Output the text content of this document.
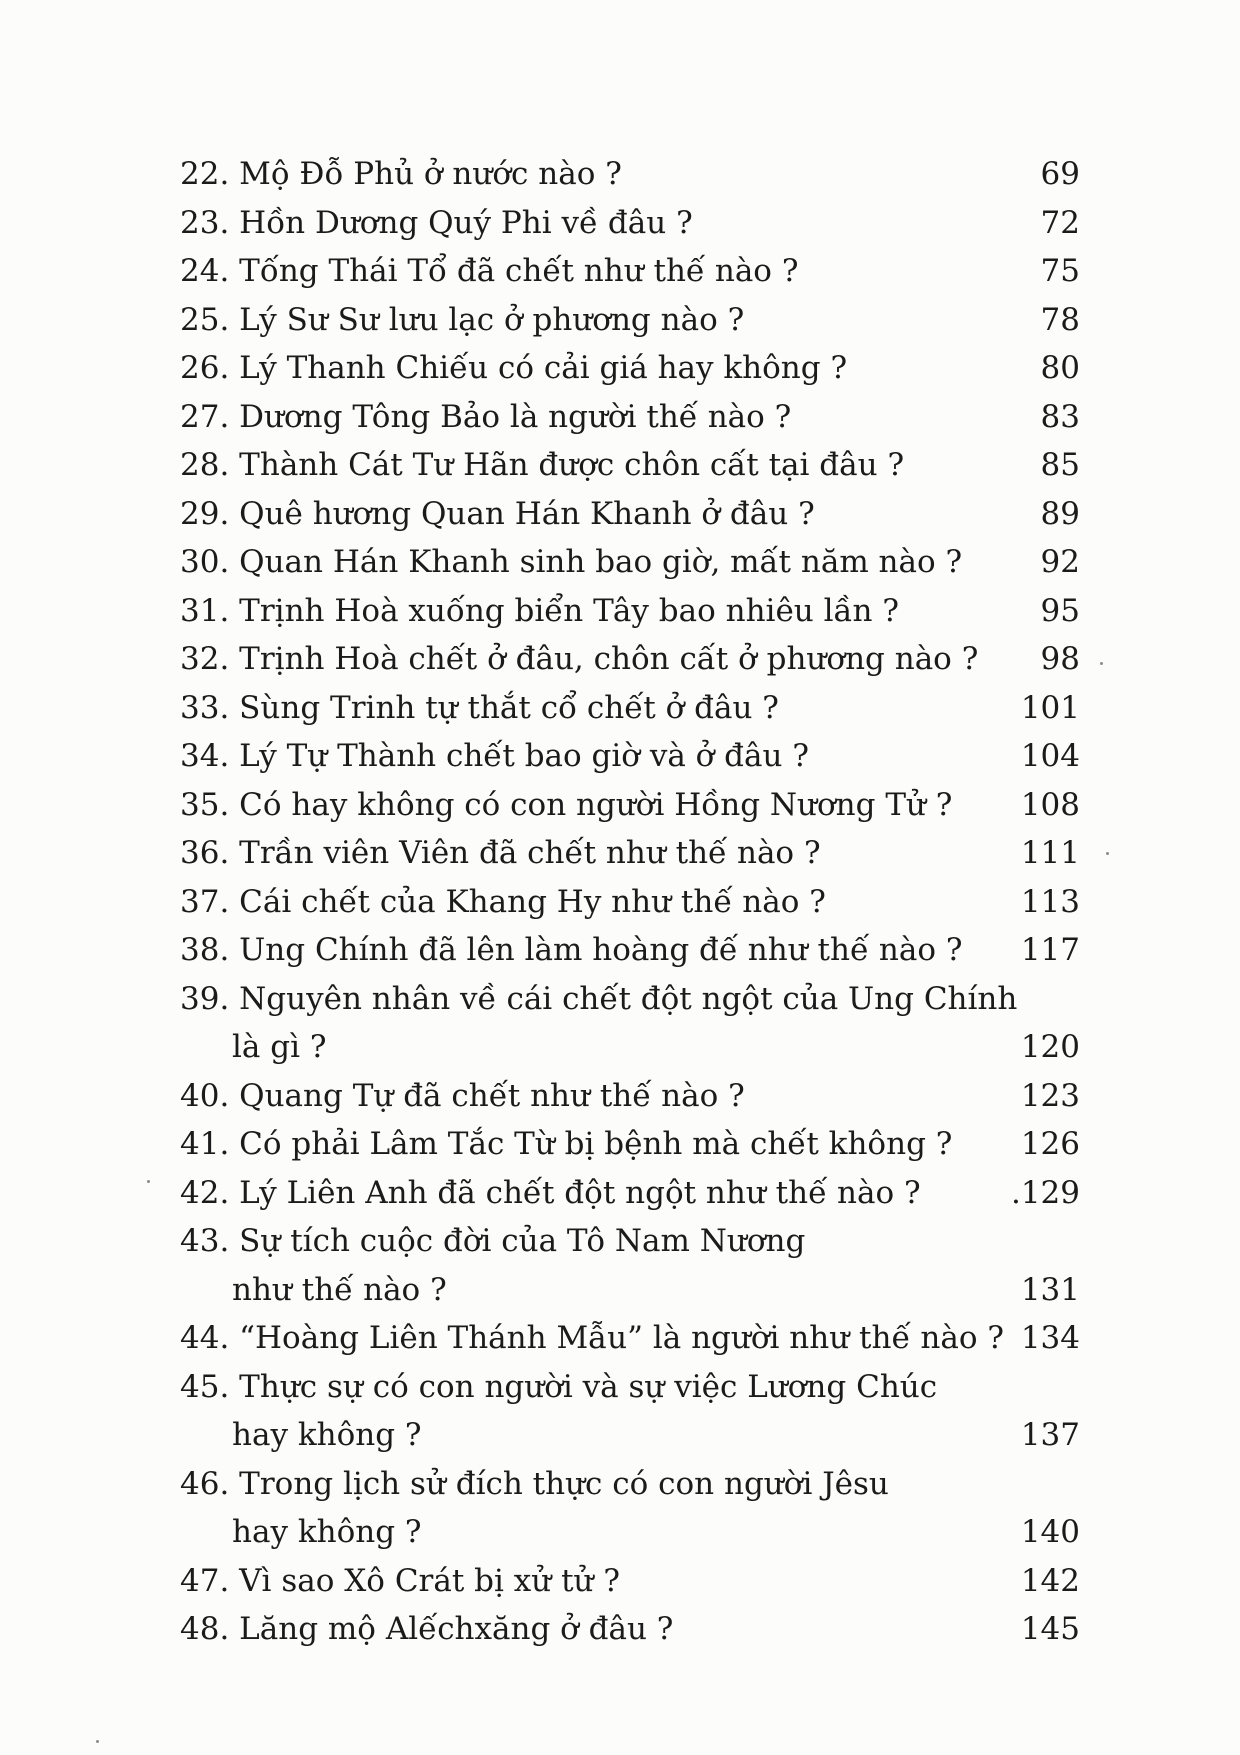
22. Mộ Đỗ Phủ ở nước nào ?	69
23. Hồn Dương Quý Phi về đâu ?	72
24. Tống Thái Tổ đã chết như thế nào ?	75
25. Lý Sư Sư lưu lạc ở phương nào ?	78
26. Lý Thanh Chiếu có cải giá hay không ?	80
27. Dương Tông Bảo là người thế nào ?	83
28. Thành Cát Tư Hãn được chôn cất tại đâu ?	85
29. Quê hương Quan Hán Khanh ở đâu ?	89
30. Quan Hán Khanh sinh bao giờ, mất năm nào ?	92
31. Trịnh Hoà xuống biển Tây bao nhiêu lần ?	95
32. Trịnh Hoà chết ở đâu, chôn cất ở phương nào ?	98
33. Sùng Trinh tự thắt cổ chết ở đâu ?	101
34. Lý Tự Thành chết bao giờ và ở đâu ?	104
35. Có hay không có con người Hồng Nương Tử ?	108
36. Trần viên Viên đã chết như thế nào ?	111
37. Cái chết của Khang Hy như thế nào ?	113
38. Ung Chính đã lên làm hoàng đế như thế nào ?	117
39. Nguyên nhân về cái chết đột ngột của Ung Chính
là gì ?	120
40. Quang Tự đã chết như thế nào ?	123
41. Có phải Lâm Tắc Từ bị bệnh mà chết không ?	126
42. Lý Liên Anh đã chết đột ngột như thế nào ?	.129
43. Sự tích cuộc đời của Tô Nam Nương
như thế nào ?	131
44. “Hoàng Liên Thánh Mẫu” là người như thế nào ? 134
45. Thực sự có con người và sự việc Lương Chúc
hay không ?	137
46. Trong lịch sử đích thực có con người Jêsu
hay không ?	140
47. Vì sao Xô Crát bị xử tử ?	142
48. Lăng mộ Alếchxăng ở đâu ?	145
